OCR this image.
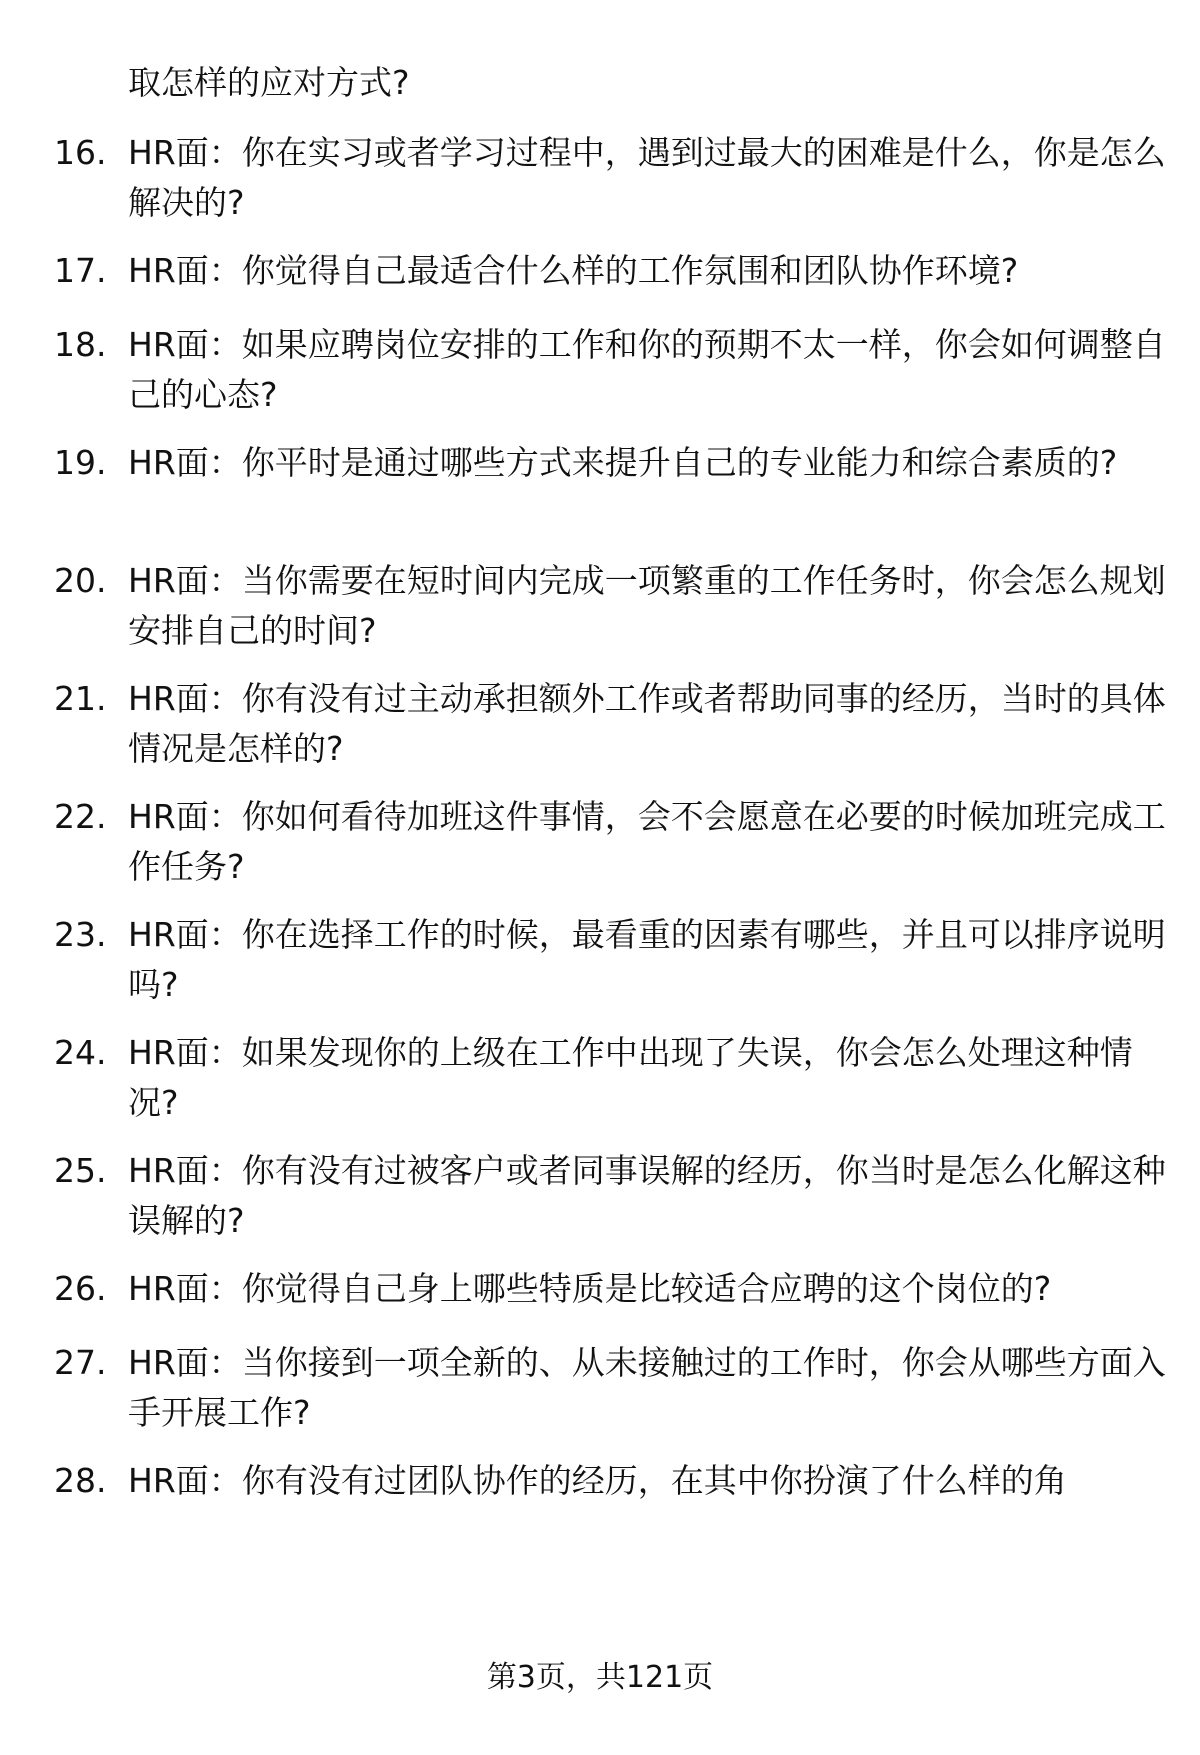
取怎样的应对方式?

16. HR面：你在实习或者学习过程中，遇到过最大的困难是什么，你是怎么解决的?

17. HR面：你觉得自己最适合什么样的工作氛围和团队协作环境?

18. HR面：如果应聘岗位安排的工作和你的预期不太一样，你会如何调整自己的心态?

19. HR面：你平时是通过哪些方式来提升自己的专业能力和综合素质的?

20. HR面：当你需要在短时间内完成一项繁重的工作任务时，你会怎么规划安排自己的时间?

21. HR面：你有没有过主动承担额外工作或者帮助同事的经历，当时的具体情况是怎样的?

22. HR面：你如何看待加班这件事情，会不会愿意在必要的时候加班完成工作任务?

23. HR面：你在选择工作的时候，最看重的因素有哪些，并且可以排序说明吗?

24. HR面：如果发现你的上级在工作中出现了失误，你会怎么处理这种情况?

25. HR面：你有没有过被客户或者同事误解的经历，你当时是怎么化解这种误解的?

26. HR面：你觉得自己身上哪些特质是比较适合应聘的这个岗位的?

27. HR面：当你接到一项全新的、从未接触过的工作时，你会从哪些方面入手开展工作?

28. HR面：你有没有过团队协作的经历，在其中你扮演了什么样的角

第3页，共121页
